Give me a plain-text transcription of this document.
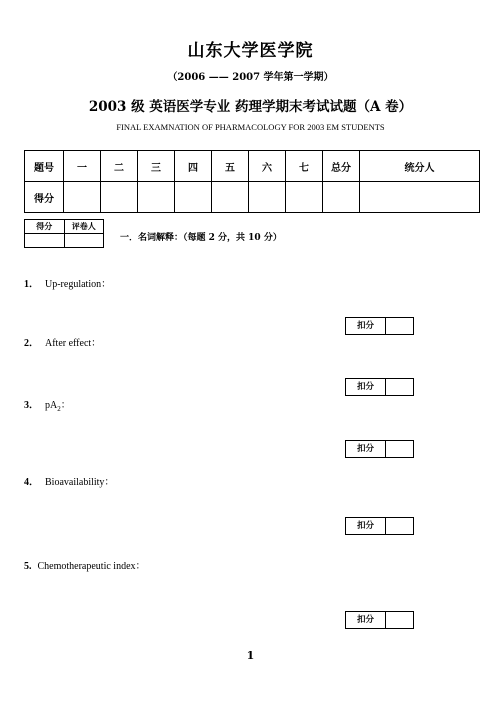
山东大学医学院
（2006 —— 2007 学年第一学期）
2003 级 英语医学专业 药理学期末考试试题（A 卷）
FINAL EXAMNATION OF PHARMACOLOGY FOR 2003 EM STUDENTS
题号	一	二	三	四	五	六	七	总分	统分人
得分									
得分	评卷人

一．名词解释：（每题 2 分，共 10 分）
1． Up-regulation：
扣分
2． After effect：
扣分
3． $pA_2$：
扣分
4． Bioavailability：
扣分
5. Chemotherapeutic index：
扣分
1
